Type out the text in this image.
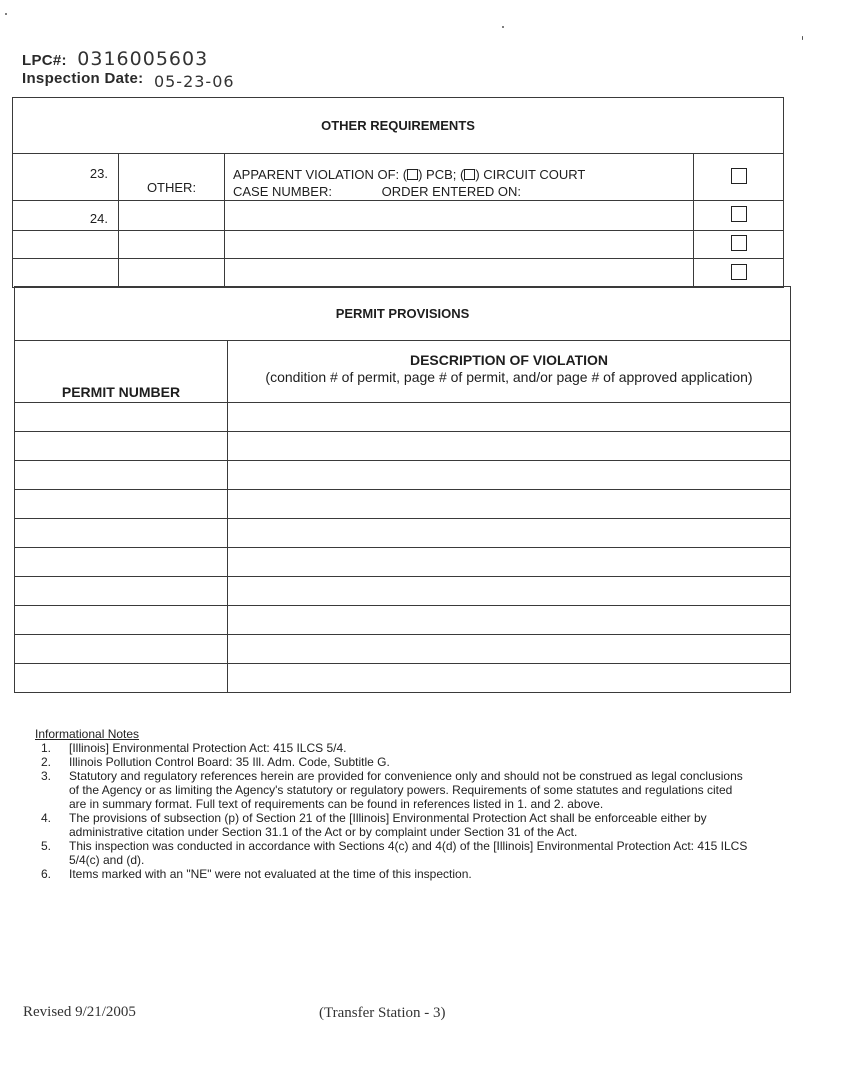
LPC#: 0316005603
Inspection Date: 05-23-06
OTHER REQUIREMENTS			

23.	OTHER:	APPARENT VIOLATION OF: ( ) PCB; ( ) CIRCUIT COURT
CASE NUMBER: ORDER ENTERED ON:	

24.			

PERMIT PROVISIONS	

PERMIT NUMBER	DESCRIPTION OF VIOLATION
(condition # of permit, page # of permit, and/or page # of approved application)

Informational Notes
1. [Illinois] Environmental Protection Act: 415 ILCS 5/4.
2. Illinois Pollution Control Board: 35 Ill. Adm. Code, Subtitle G.
3. Statutory and regulatory references herein are provided for convenience only and should not be construed as legal conclusions of the Agency or as limiting the Agency's statutory or regulatory powers. Requirements of some statutes and regulations cited are in summary format. Full text of requirements can be found in references listed in 1. and 2. above.
4. The provisions of subsection (p) of Section 21 of the [Illinois] Environmental Protection Act shall be enforceable either by administrative citation under Section 31.1 of the Act or by complaint under Section 31 of the Act.
5. This inspection was conducted in accordance with Sections 4(c) and 4(d) of the [Illinois] Environmental Protection Act: 415 ILCS 5/4(c) and (d).
6. Items marked with an "NE" were not evaluated at the time of this inspection.
Revised 9/21/2005	(Transfer Station - 3)
